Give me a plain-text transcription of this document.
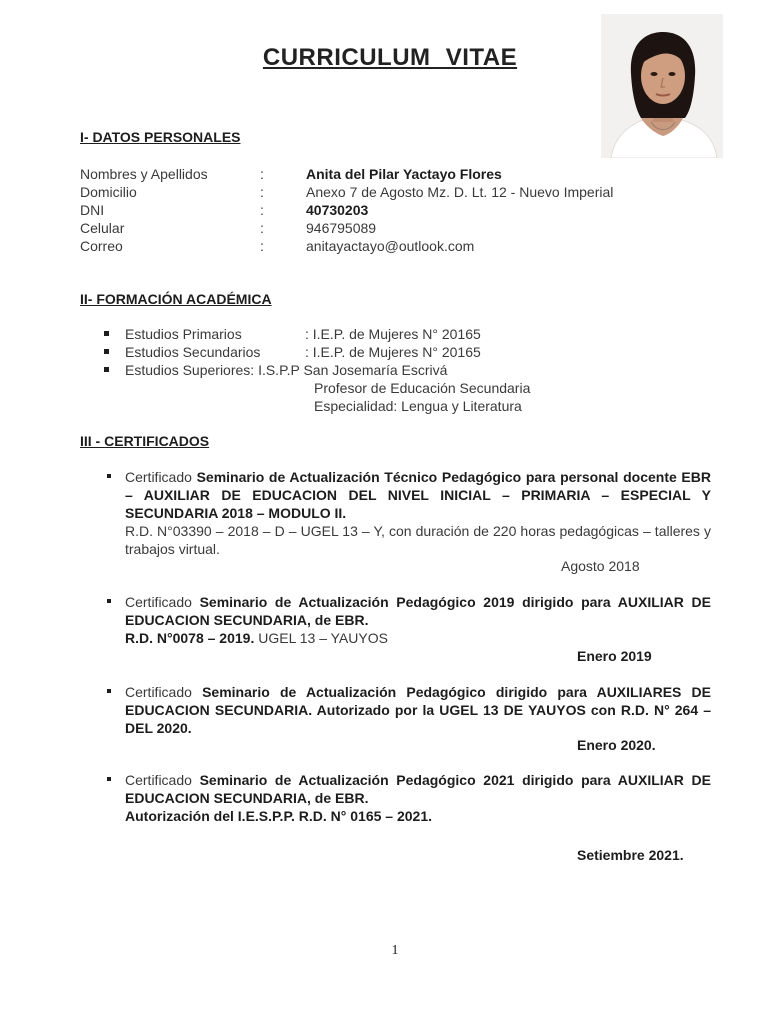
CURRICULUM VITAE
I- DATOS PERSONALES
Nombres y Apellidos	:	Anita del Pilar Yactayo Flores
Domicilio	:	Anexo 7 de Agosto Mz. D. Lt. 12 - Nuevo Imperial
DNI	:	40730203
Celular	:	946795089
Correo	:	anitayactayo@outlook.com
II- FORMACIÓN ACADÉMICA
Estudios Primarios	: I.E.P. de Mujeres N° 20165
Estudios Secundarios	: I.E.P. de Mujeres N° 20165
Estudios Superiores: I.S.P.P San Josemaría Escrivá
Profesor de Educación Secundaria
Especialidad: Lengua y Literatura
III - CERTIFICADOS
Certificado Seminario de Actualización Técnico Pedagógico para personal docente EBR – AUXILIAR DE EDUCACION DEL NIVEL INICIAL – PRIMARIA – ESPECIAL Y SECUNDARIA 2018 – MODULO II.
R.D. N°03390 – 2018 – D – UGEL 13 – Y, con duración de 220 horas pedagógicas – talleres y trabajos virtual.
Agosto 2018
Certificado Seminario de Actualización Pedagógico 2019 dirigido para AUXILIAR DE EDUCACION SECUNDARIA, de EBR.
R.D. N°0078 – 2019. UGEL 13 – YAUYOS
Enero 2019
Certificado Seminario de Actualización Pedagógico dirigido para AUXILIARES DE EDUCACION SECUNDARIA. Autorizado por la UGEL 13 DE YAUYOS con R.D. N° 264 –DEL 2020.
Enero 2020.
Certificado Seminario de Actualización Pedagógico 2021 dirigido para AUXILIAR DE EDUCACION SECUNDARIA, de EBR.
Autorización del I.E.S.P.P. R.D. N° 0165 – 2021.
Setiembre 2021.
1
